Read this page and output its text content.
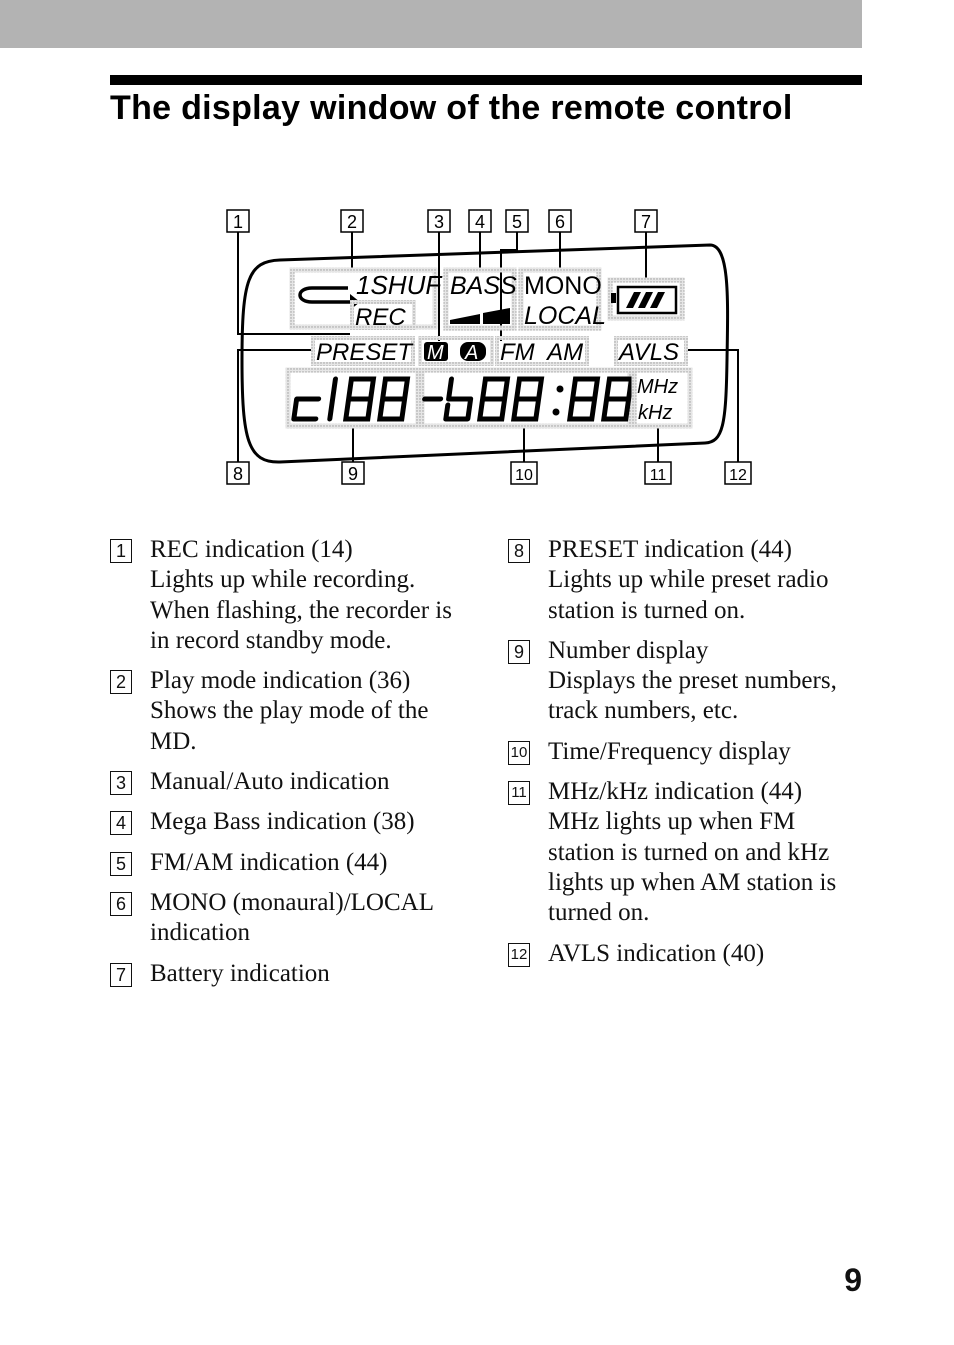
The display window of the remote control
1	2	3 4 5 6	7
8	9	10	11	12
1SHUF
REC
BASS MONO
LOCAL
PRESET M A FM  AM AVLS
MHz
kHz
1 REC indication (14)
Lights up while recording. When flashing, the recorder is in record standby mode.
2 Play mode indication (36)
Shows the play mode of the MD.
3 Manual/Auto indication
4 Mega Bass indication (38)
5 FM/AM indication (44)
6 MONO (monaural)/LOCAL indication
7 Battery indication
8 PRESET indication (44)
Lights up while preset radio station is turned on.
9 Number display
Displays the preset numbers, track numbers, etc.
10 Time/Frequency display
11 MHz/kHz indication (44)
MHz lights up when FM station is turned on and kHz lights up when AM station is turned on.
12 AVLS indication (40)
9
